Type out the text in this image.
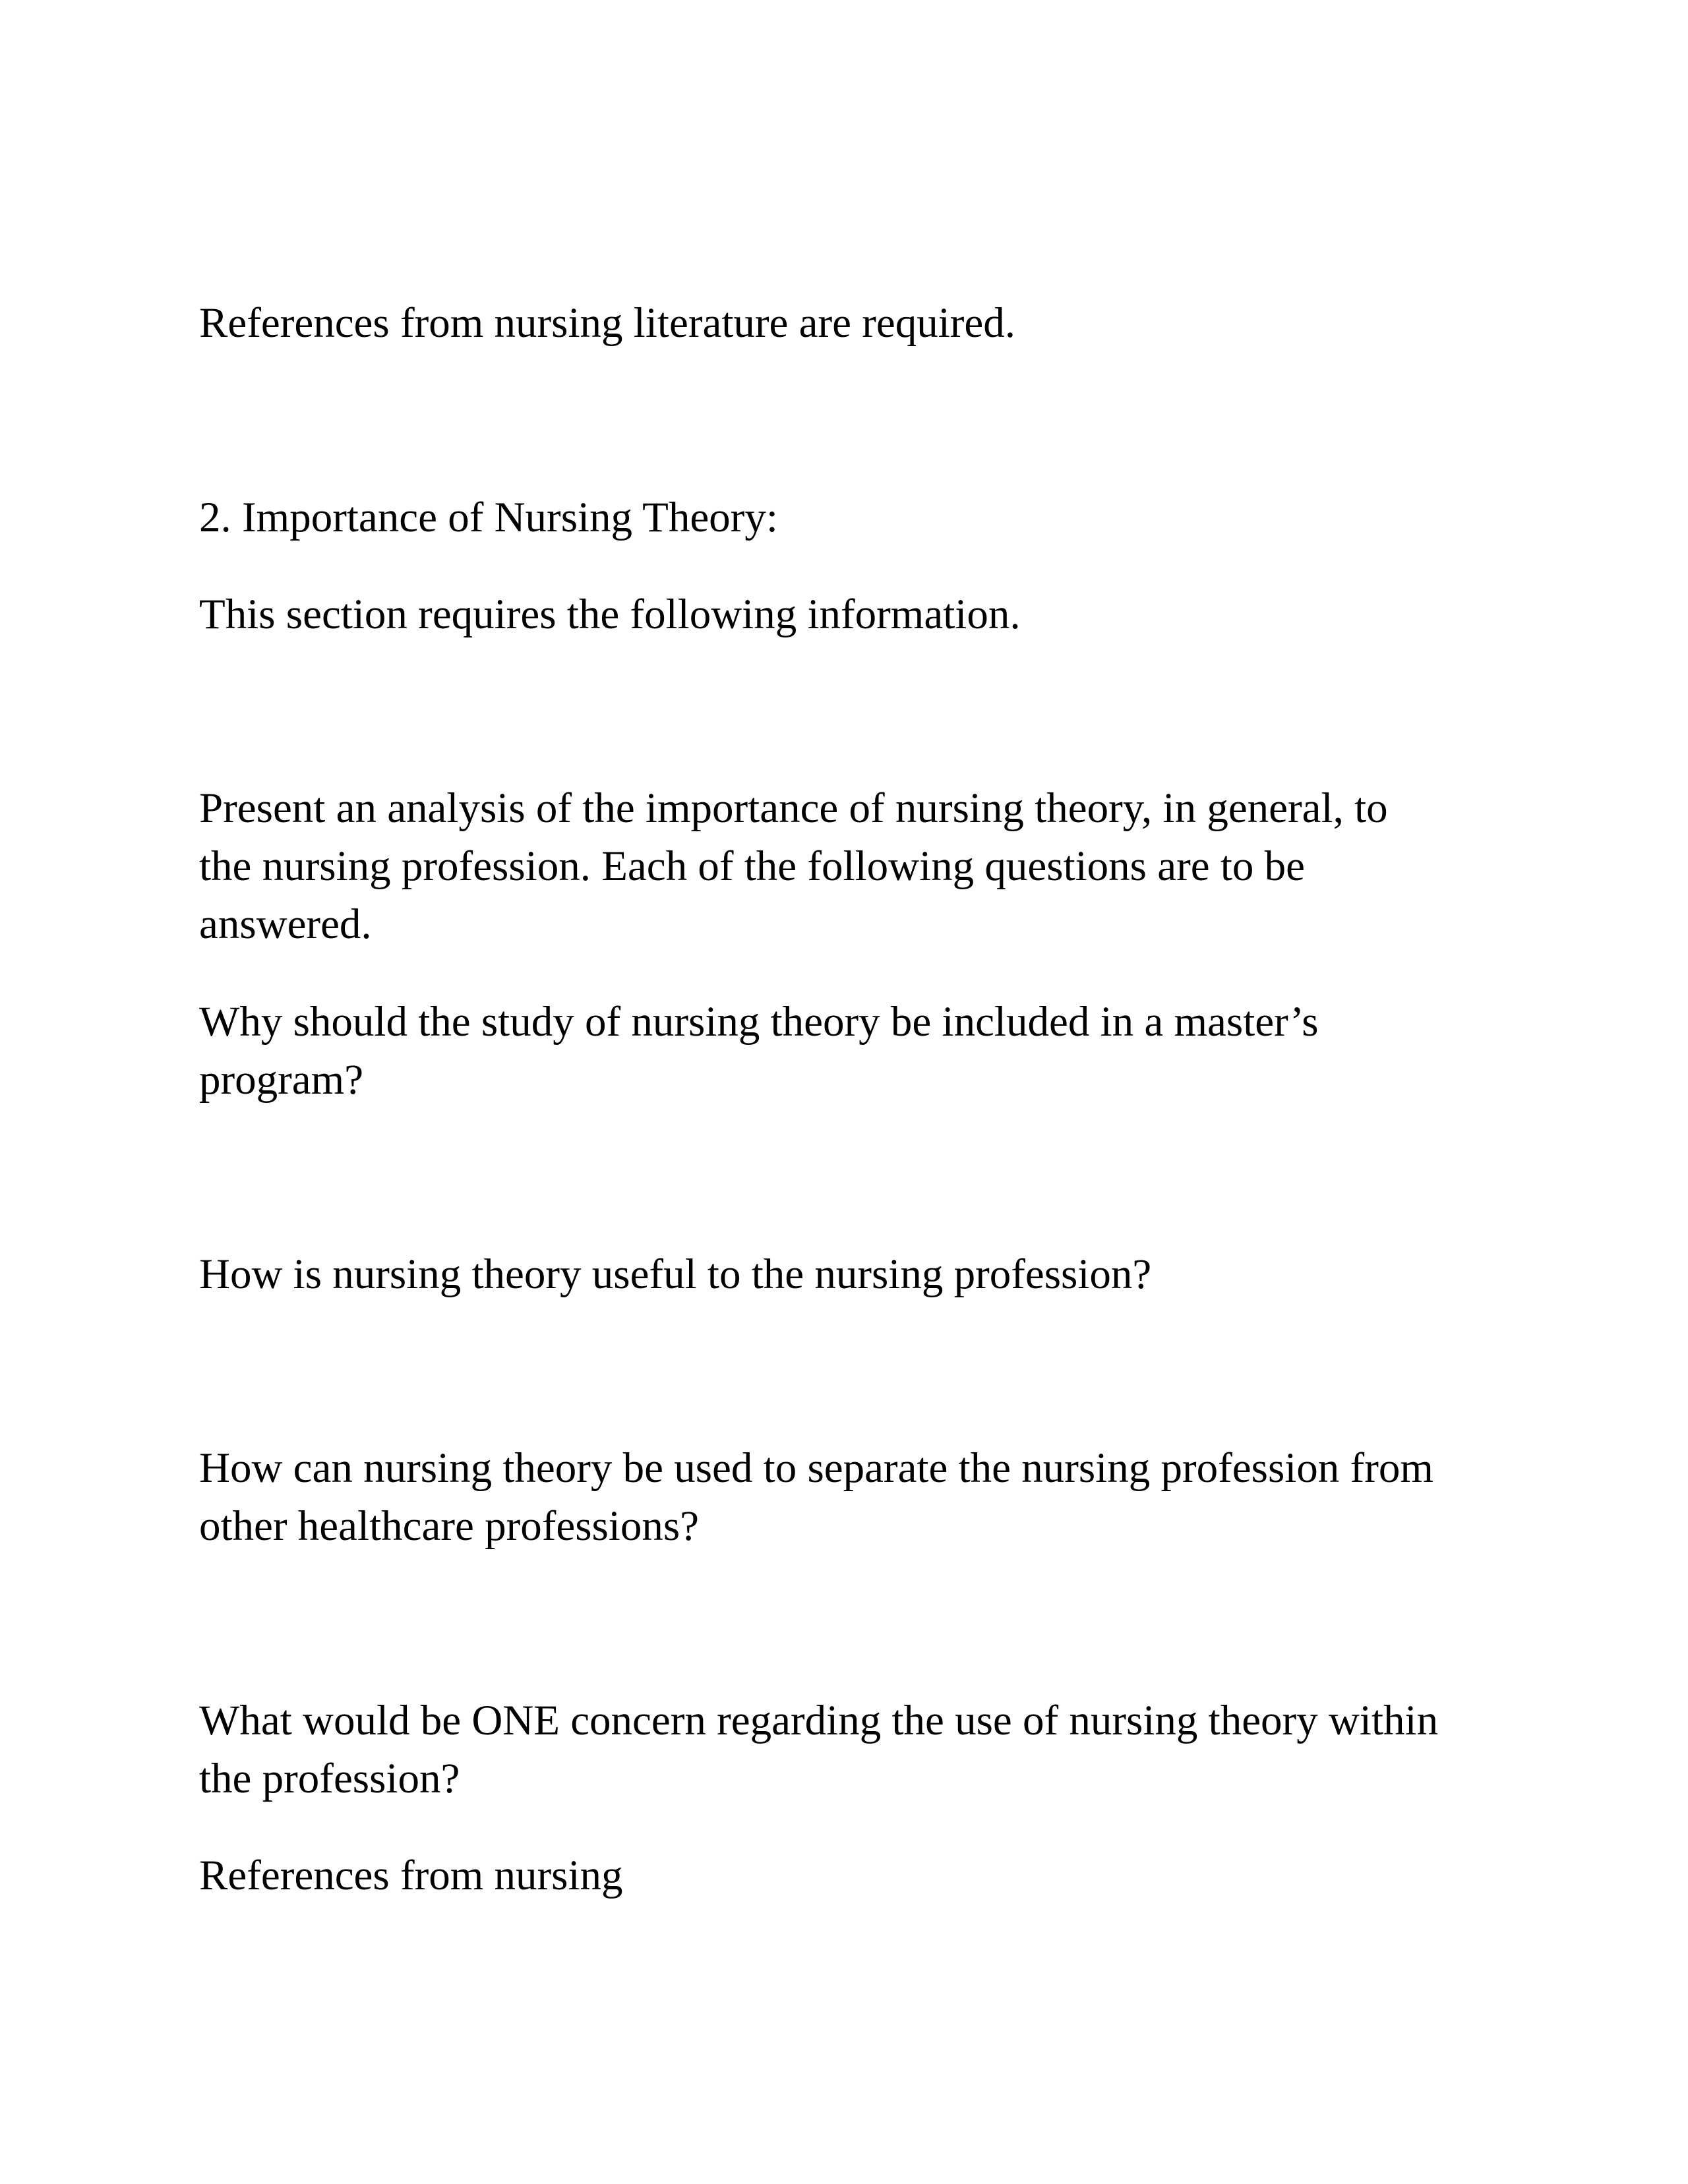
References from nursing literature are required.

2. Importance of Nursing Theory:

This section requires the following information.

Present an analysis of the importance of nursing theory, in general, to
the nursing profession. Each of the following questions are to be
answered.

Why should the study of nursing theory be included in a master’s
program?

How is nursing theory useful to the nursing profession?

How can nursing theory be used to separate the nursing profession from
other healthcare professions?

What would be ONE concern regarding the use of nursing theory within
the profession?

References from nursing
